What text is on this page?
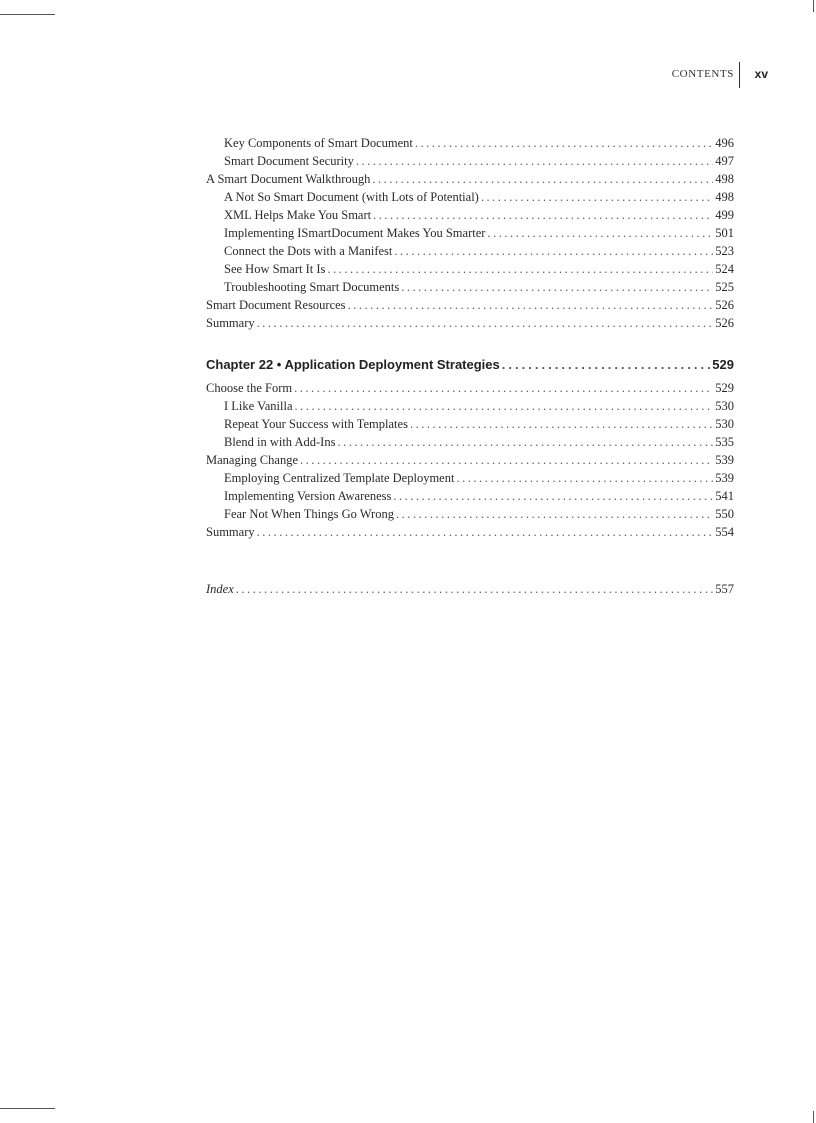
CONTENTS xv
Key Components of Smart Document . . .	496
Smart Document Security . . .	497
A Smart Document Walkthrough . . .	498
A Not So Smart Document (with Lots of Potential) . . .	498
XML Helps Make You Smart . . .	499
Implementing ISmartDocument Makes You Smarter . . .	501
Connect the Dots with a Manifest . . .	523
See How Smart It Is . . .	524
Troubleshooting Smart Documents . . .	525
Smart Document Resources . . .	526
Summary . . .	526
Chapter 22 • Application Deployment Strategies . . .	529
Choose the Form . . .	529
I Like Vanilla . . .	530
Repeat Your Success with Templates . . .	530
Blend in with Add-Ins . . .	535
Managing Change . . .	539
Employing Centralized Template Deployment . . .	539
Implementing Version Awareness . . .	541
Fear Not When Things Go Wrong . . .	550
Summary . . .	554
Index . . .	557
